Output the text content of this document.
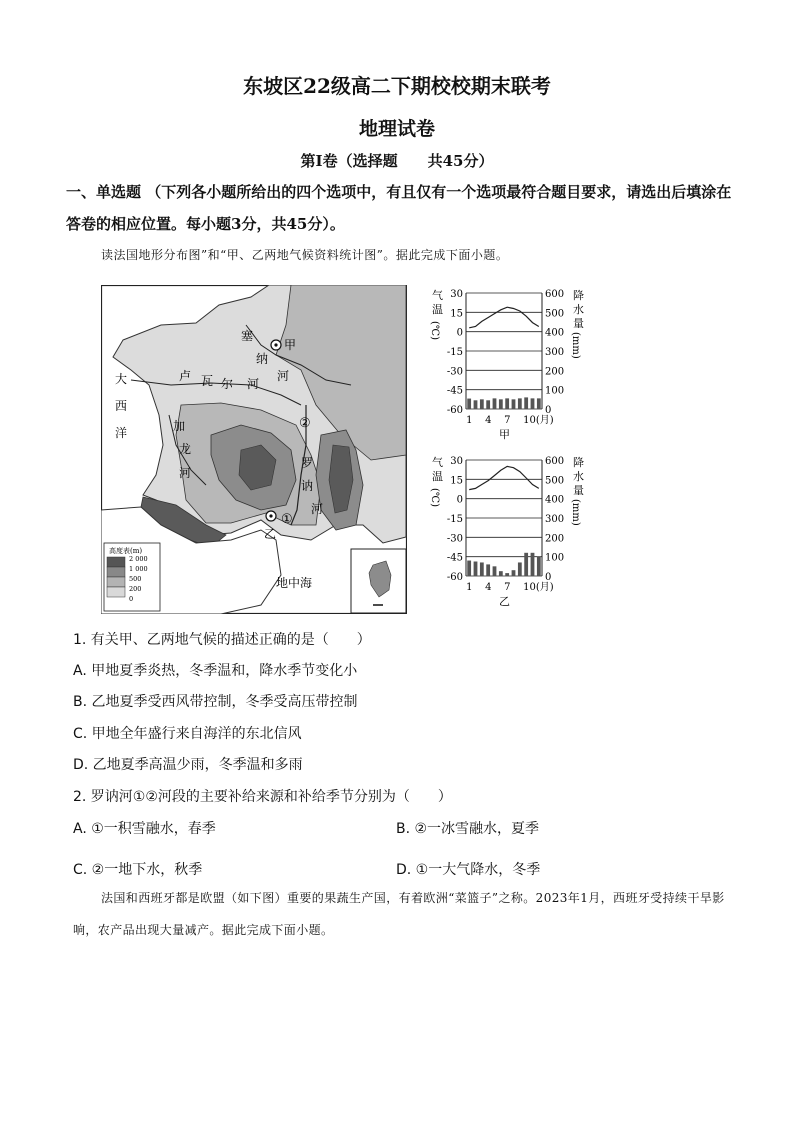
东坡区22级高二下期校校期末联考
地理试卷
第Ⅰ卷（选择题　　共45分）
一、单选题 （下列各小题所给出的四个选项中，有且仅有一个选项最符合题目要求，请选出后填涂在答卷的相应位置。每小题3分，共45分）。
读法国地形分布图”和“甲、乙两地气候资料统计图”。据此完成下面小题。
大
西
洋
卢 瓦 尔 河
塞
纳
河
甲
加
龙
河
②
罗
讷
河
①
乙
地中海
高度表(m)
2 000
1 000
500
200
0
30	600
15	500
0	400
-15	300
-30	200
-45	100
-60	0
气
温
(℃)
降
水
量
(mm)
1 4 7 10(月)
甲
30	600
15	500
0	400
-15	300
-30	200
-45	100
-60	0
气
温
(℃)
降
水
量
(mm)
1 4 7 10(月)
乙
1. 有关甲、乙两地气候的描述正确的是（　　）
A. 甲地夏季炎热，冬季温和，降水季节变化小
B. 乙地夏季受西风带控制，冬季受高压带控制
C. 甲地全年盛行来自海洋的东北信风
D. 乙地夏季高温少雨，冬季温和多雨
2. 罗讷河①②河段的主要补给来源和补给季节分别为（　　）
A. ①一积雪融水，春季	B. ②一冰雪融水，夏季
C. ②一地下水，秋季	D. ①一大气降水，冬季
法国和西班牙都是欧盟（如下图）重要的果蔬生产国，有着欧洲“菜篮子”之称。2023年1月，西班牙受持续干旱影响，农产品出现大量减产。据此完成下面小题。
